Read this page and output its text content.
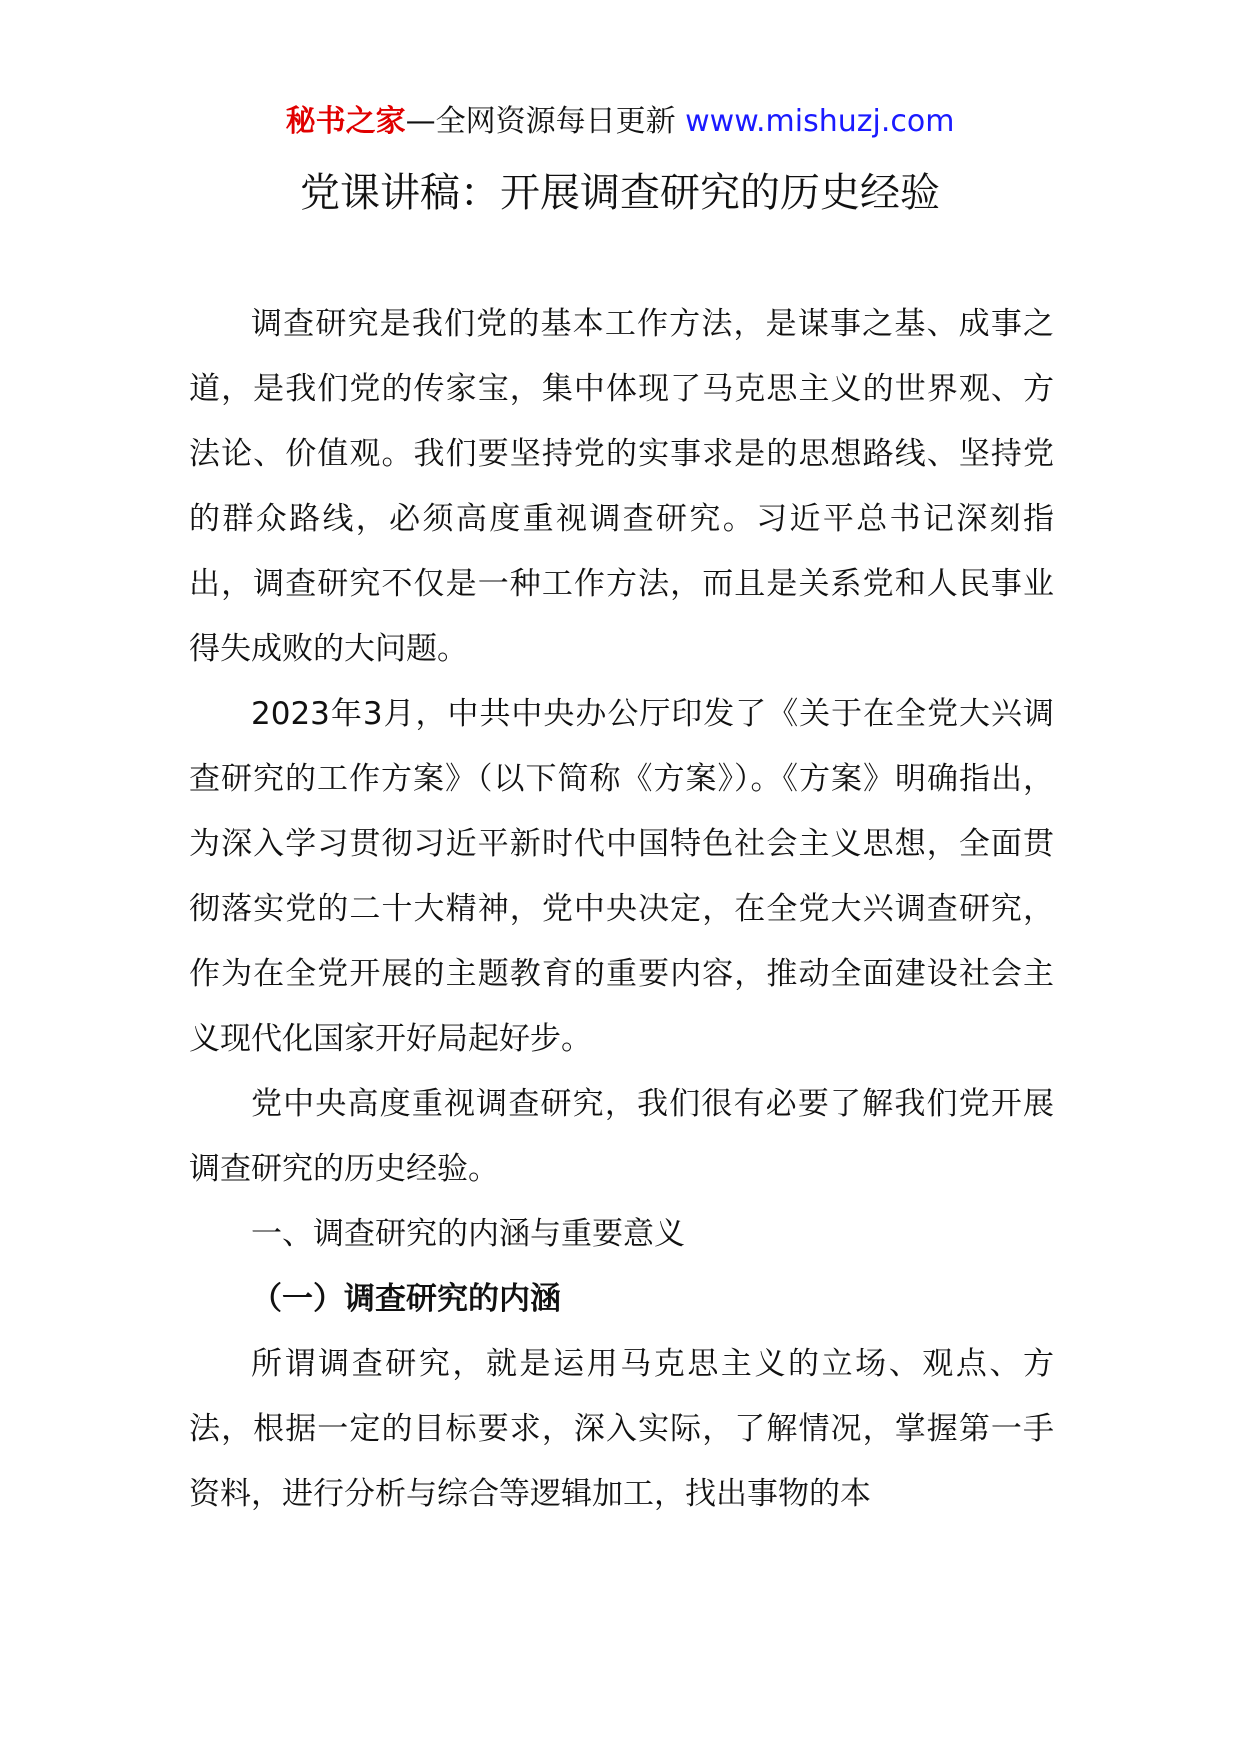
秘书之家—全网资源每日更新 www.mishuzj.com
党课讲稿：开展调查研究的历史经验

调查研究是我们党的基本工作方法，是谋事之基、成事之道，是我们党的传家宝，集中体现了马克思主义的世界观、方法论、价值观。我们要坚持党的实事求是的思想路线、坚持党的群众路线，必须高度重视调查研究。习近平总书记深刻指出，调查研究不仅是一种工作方法，而且是关系党和人民事业得失成败的大问题。

2023年3月，中共中央办公厅印发了《关于在全党大兴调查研究的工作方案》（以下简称《方案》）。《方案》明确指出，为深入学习贯彻习近平新时代中国特色社会主义思想，全面贯彻落实党的二十大精神，党中央决定，在全党大兴调查研究，作为在全党开展的主题教育的重要内容，推动全面建设社会主义现代化国家开好局起好步。

党中央高度重视调查研究，我们很有必要了解我们党开展调查研究的历史经验。

一、调查研究的内涵与重要意义

（一）调查研究的内涵

所谓调查研究，就是运用马克思主义的立场、观点、方法，根据一定的目标要求，深入实际，了解情况，掌握第一手资料，进行分析与综合等逻辑加工，找出事物的本
